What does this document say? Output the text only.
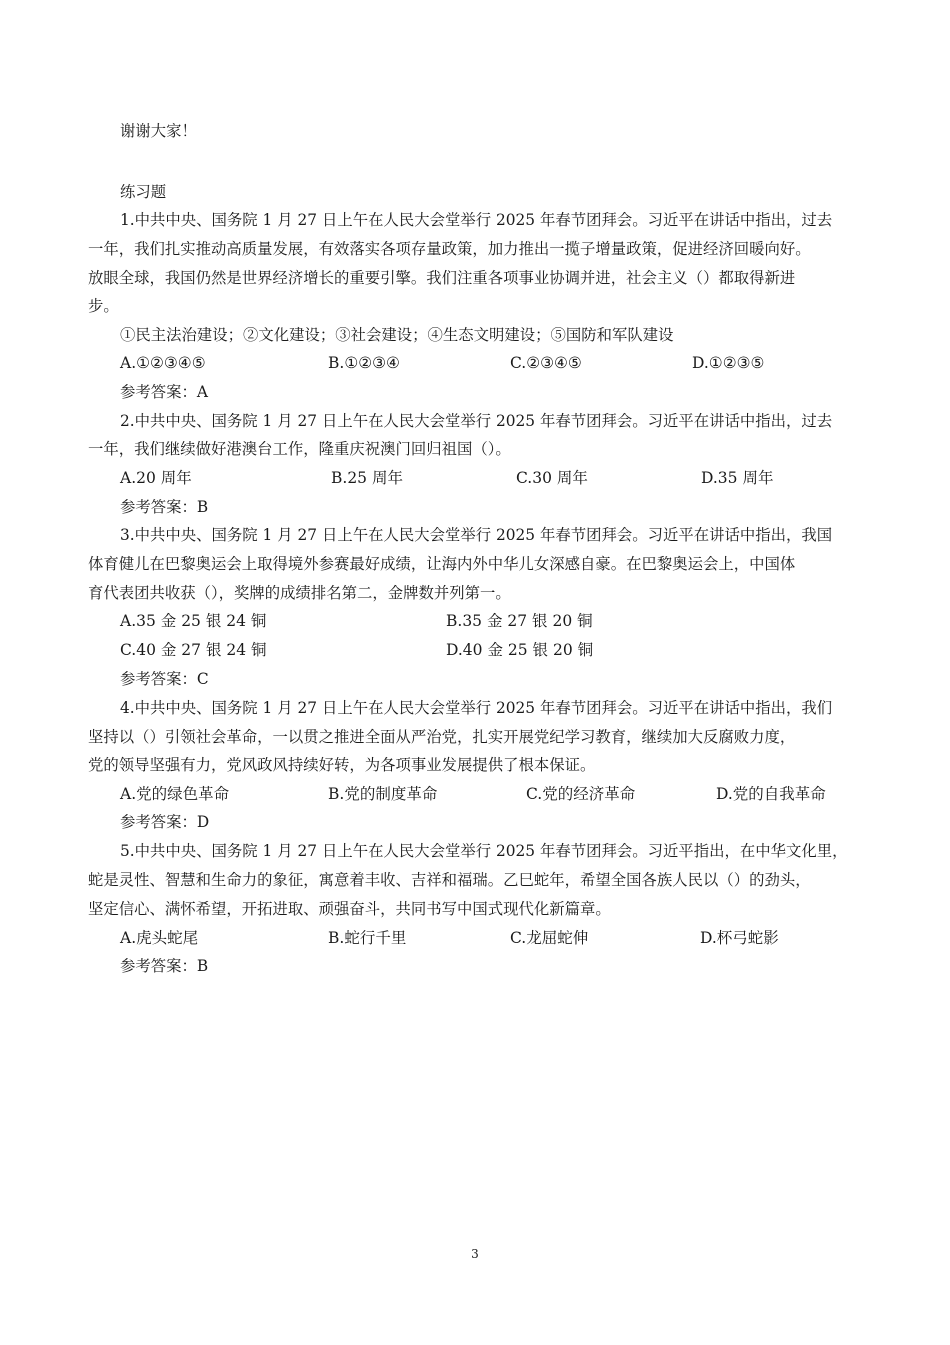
谢谢大家！
练习题
1.中共中央、国务院 1 月 27 日上午在人民大会堂举行 2025 年春节团拜会。习近平在讲话中指出，过去
一年，我们扎实推动高质量发展，有效落实各项存量政策，加力推出一揽子增量政策，促进经济回暖向好。
放眼全球，我国仍然是世界经济增长的重要引擎。我们注重各项事业协调并进，社会主义（）都取得新进
步。
①民主法治建设；②文化建设；③社会建设；④生态文明建设；⑤国防和军队建设
A.①②③④⑤	B.①②③④	C.②③④⑤	D.①②③⑤
参考答案：A
2.中共中央、国务院 1 月 27 日上午在人民大会堂举行 2025 年春节团拜会。习近平在讲话中指出，过去
一年，我们继续做好港澳台工作，隆重庆祝澳门回归祖国（）。
A.20 周年	B.25 周年	C.30 周年	D.35 周年
参考答案：B
3.中共中央、国务院 1 月 27 日上午在人民大会堂举行 2025 年春节团拜会。习近平在讲话中指出，我国
体育健儿在巴黎奥运会上取得境外参赛最好成绩，让海内外中华儿女深感自豪。在巴黎奥运会上，中国体
育代表团共收获（），奖牌的成绩排名第二，金牌数并列第一。
A.35 金 25 银 24 铜	B.35 金 27 银 20 铜
C.40 金 27 银 24 铜	D.40 金 25 银 20 铜
参考答案：C
4.中共中央、国务院 1 月 27 日上午在人民大会堂举行 2025 年春节团拜会。习近平在讲话中指出，我们
坚持以（）引领社会革命，一以贯之推进全面从严治党，扎实开展党纪学习教育，继续加大反腐败力度，
党的领导坚强有力，党风政风持续好转，为各项事业发展提供了根本保证。
A.党的绿色革命	B.党的制度革命	C.党的经济革命	D.党的自我革命
参考答案：D
5.中共中央、国务院 1 月 27 日上午在人民大会堂举行 2025 年春节团拜会。习近平指出，在中华文化里，
蛇是灵性、智慧和生命力的象征，寓意着丰收、吉祥和福瑞。乙巳蛇年，希望全国各族人民以（）的劲头，
坚定信心、满怀希望，开拓进取、顽强奋斗，共同书写中国式现代化新篇章。
A.虎头蛇尾	B.蛇行千里	C.龙屈蛇伸	D.杯弓蛇影
参考答案：B
3
